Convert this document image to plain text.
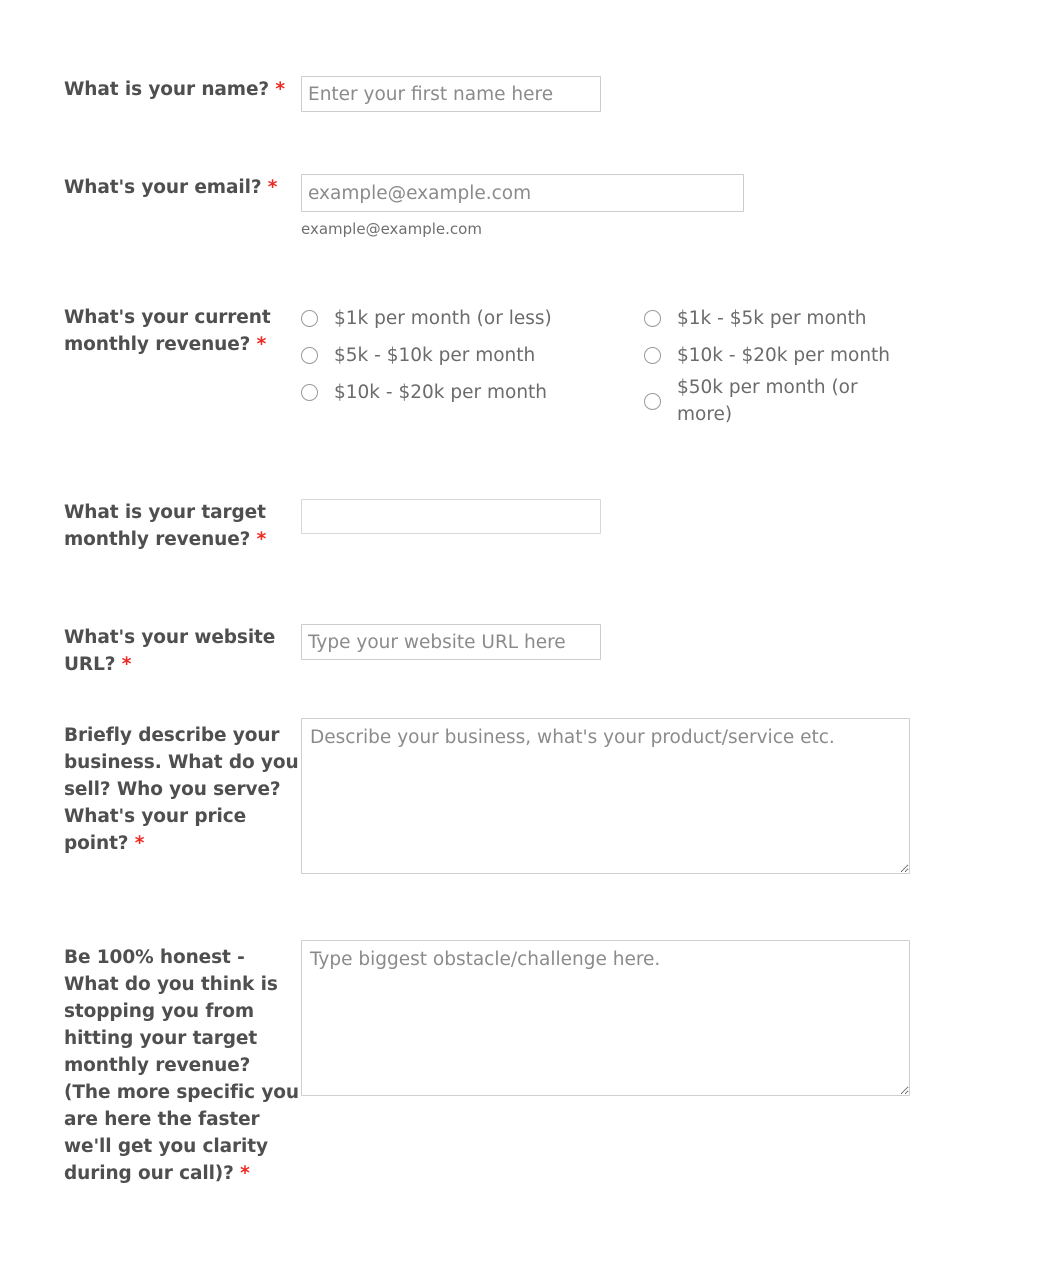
What is your name? *
Enter your first name here
What's your email? *
example@example.com
example@example.com
What's your current monthly revenue? *
$1k per month (or less)
$5k - $10k per month
$10k - $20k per month
$1k - $5k per month
$10k - $20k per month
$50k per month (or more)
What is your target monthly revenue? *
What's your website URL? *
Type your website URL here
Briefly describe your business. What do you sell? Who you serve? What's your price point? *
Describe your business, what's your product/service etc.
Be 100% honest - What do you think is stopping you from hitting your target monthly revenue? (The more specific you are here the faster we'll get you clarity during our call)? *
Type biggest obstacle/challenge here.
